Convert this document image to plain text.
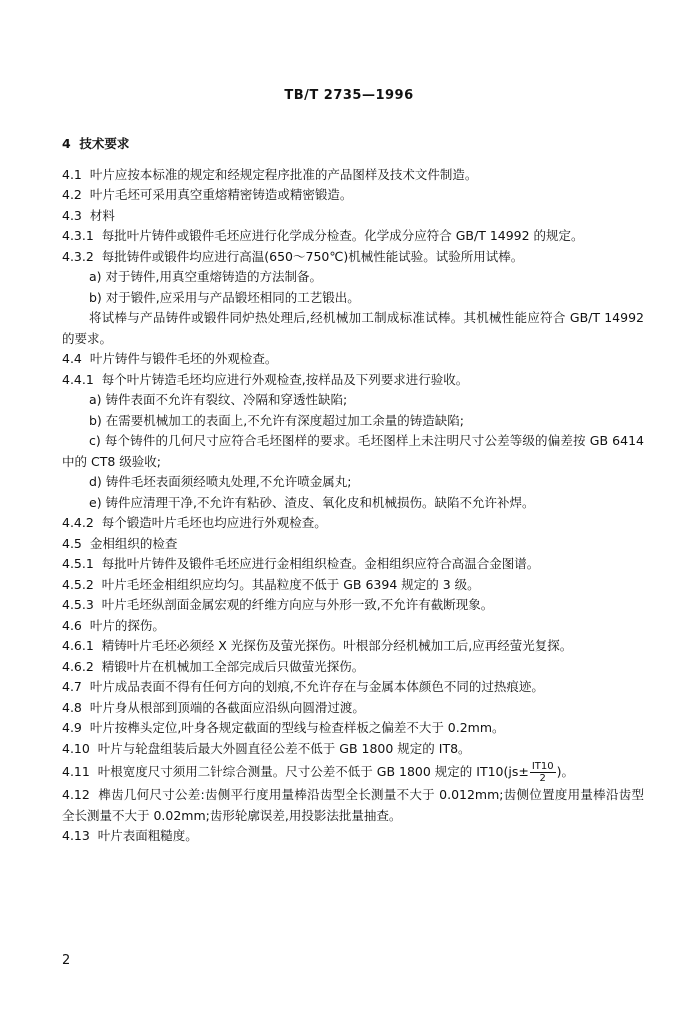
TB/T 2735—1996
4 技术要求
4.1 叶片应按本标准的规定和经规定程序批准的产品图样及技术文件制造。
4.2 叶片毛坯可采用真空重熔精密铸造或精密锻造。
4.3 材料
4.3.1 每批叶片铸件或锻件毛坯应进行化学成分检查。化学成分应符合 GB/T 14992 的规定。
4.3.2 每批铸件或锻件均应进行高温(650～750℃)机械性能试验。试验所用试棒。
a) 对于铸件,用真空重熔铸造的方法制备。
b) 对于锻件,应采用与产品锻坯相同的工艺锻出。
将试棒与产品铸件或锻件同炉热处理后,经机械加工制成标准试棒。其机械性能应符合 GB/T 14992 的要求。
4.4 叶片铸件与锻件毛坯的外观检查。
4.4.1 每个叶片铸造毛坯均应进行外观检查,按样品及下列要求进行验收。
a) 铸件表面不允许有裂纹、冷隔和穿透性缺陷;
b) 在需要机械加工的表面上,不允许有深度超过加工余量的铸造缺陷;
c) 每个铸件的几何尺寸应符合毛坯图样的要求。毛坯图样上未注明尺寸公差等级的偏差按 GB 6414 中的 CT8 级验收;
d) 铸件毛坯表面须经喷丸处理,不允许喷金属丸;
e) 铸件应清理干净,不允许有粘砂、渣皮、氧化皮和机械损伤。缺陷不允许补焊。
4.4.2 每个锻造叶片毛坯也均应进行外观检查。
4.5 金相组织的检查
4.5.1 每批叶片铸件及锻件毛坯应进行金相组织检查。金相组织应符合高温合金图谱。
4.5.2 叶片毛坯金相组织应均匀。其晶粒度不低于 GB 6394 规定的 3 级。
4.5.3 叶片毛坯纵剖面金属宏观的纤维方向应与外形一致,不允许有截断现象。
4.6 叶片的探伤。
4.6.1 精铸叶片毛坯必须经 X 光探伤及萤光探伤。叶根部分经机械加工后,应再经萤光复探。
4.6.2 精锻叶片在机械加工全部完成后只做萤光探伤。
4.7 叶片成品表面不得有任何方向的划痕,不允许存在与金属本体颜色不同的过热痕迹。
4.8 叶片身从根部到顶端的各截面应沿纵向圆滑过渡。
4.9 叶片按榫头定位,叶身各规定截面的型线与检查样板之偏差不大于 0.2mm。
4.10 叶片与轮盘组装后最大外圆直径公差不低于 GB 1800 规定的 IT8。
4.11 叶根宽度尺寸须用二针综合测量。尺寸公差不低于 GB 1800 规定的 $IT10(js\pm \frac{IT10}{2}$ )。
4.12 榫齿几何尺寸公差:齿侧平行度用量棒沿齿型全长测量不大于 0.012mm;齿侧位置度用量棒沿齿型全长测量不大于 0.02mm;齿形轮廓误差,用投影法批量抽查。
4.13 叶片表面粗糙度。
2
